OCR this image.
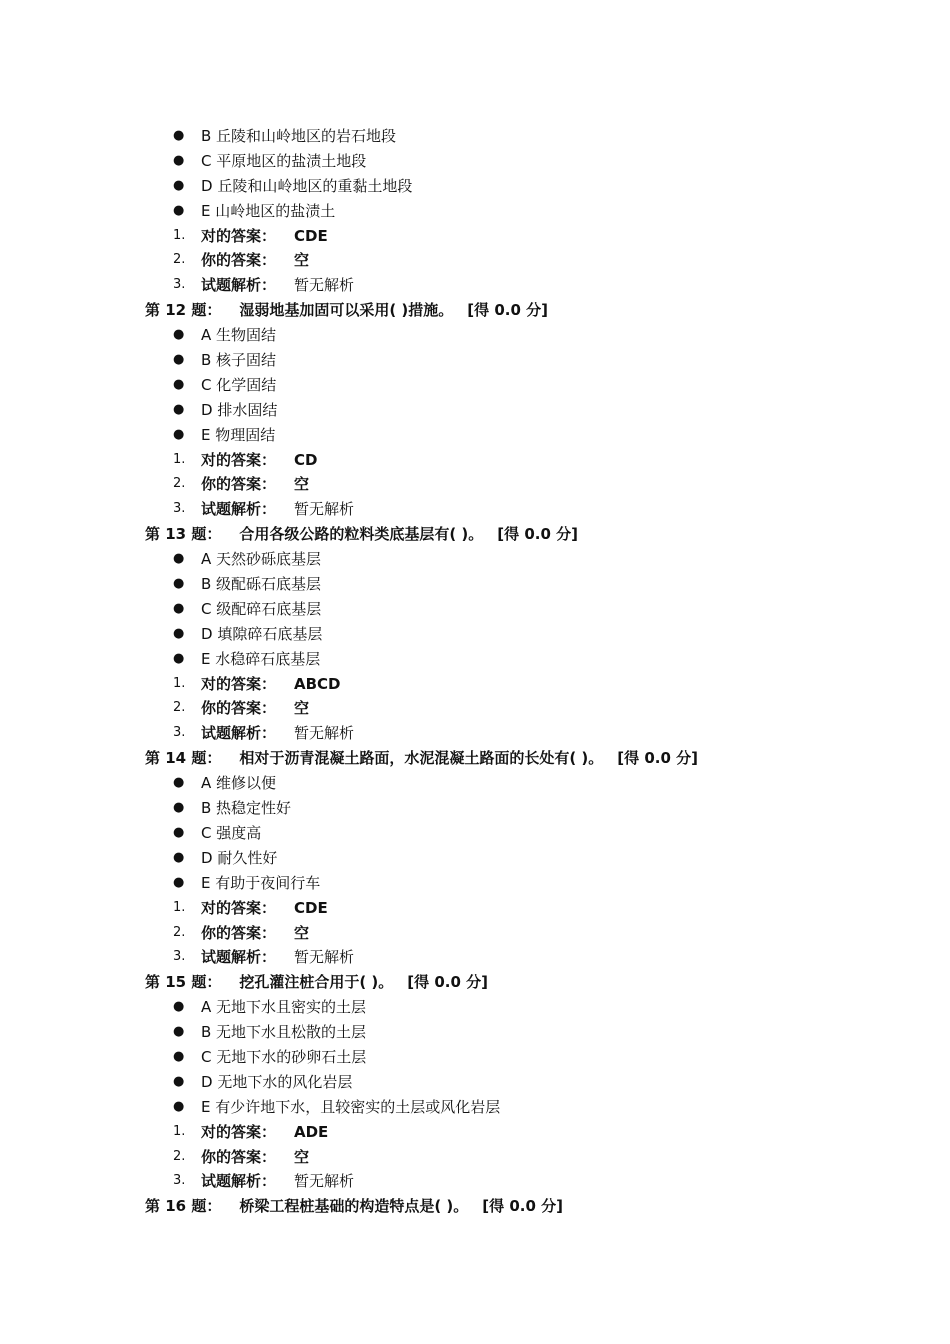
● B 丘陵和山岭地区的岩石地段
● C 平原地区的盐渍土地段
● D 丘陵和山岭地区的重黏土地段
● E 山岭地区的盐渍土
1. 对的答案： CDE
2. 你的答案： 空
3. 试题解析： 暂无解析
第 12 题： 湿弱地基加固可以采用( )措施。 [得 0.0 分]
● A 生物固结
● B 核子固结
● C 化学固结
● D 排水固结
● E 物理固结
1. 对的答案： CD
2. 你的答案： 空
3. 试题解析： 暂无解析
第 13 题： 合用各级公路的粒料类底基层有( )。 [得 0.0 分]
● A 天然砂砾底基层
● B 级配砾石底基层
● C 级配碎石底基层
● D 填隙碎石底基层
● E 水稳碎石底基层
1. 对的答案： ABCD
2. 你的答案： 空
3. 试题解析： 暂无解析
第 14 题： 相对于沥青混凝土路面，水泥混凝土路面的长处有( )。 [得 0.0 分]
● A 维修以便
● B 热稳定性好
● C 强度高
● D 耐久性好
● E 有助于夜间行车
1. 对的答案： CDE
2. 你的答案： 空
3. 试题解析： 暂无解析
第 15 题： 挖孔灌注桩合用于( )。 [得 0.0 分]
● A 无地下水且密实的土层
● B 无地下水且松散的土层
● C 无地下水的砂卵石土层
● D 无地下水的风化岩层
● E 有少许地下水，且较密实的土层或风化岩层
1. 对的答案： ADE
2. 你的答案： 空
3. 试题解析： 暂无解析
第 16 题： 桥梁工程桩基础的构造特点是( )。 [得 0.0 分]
